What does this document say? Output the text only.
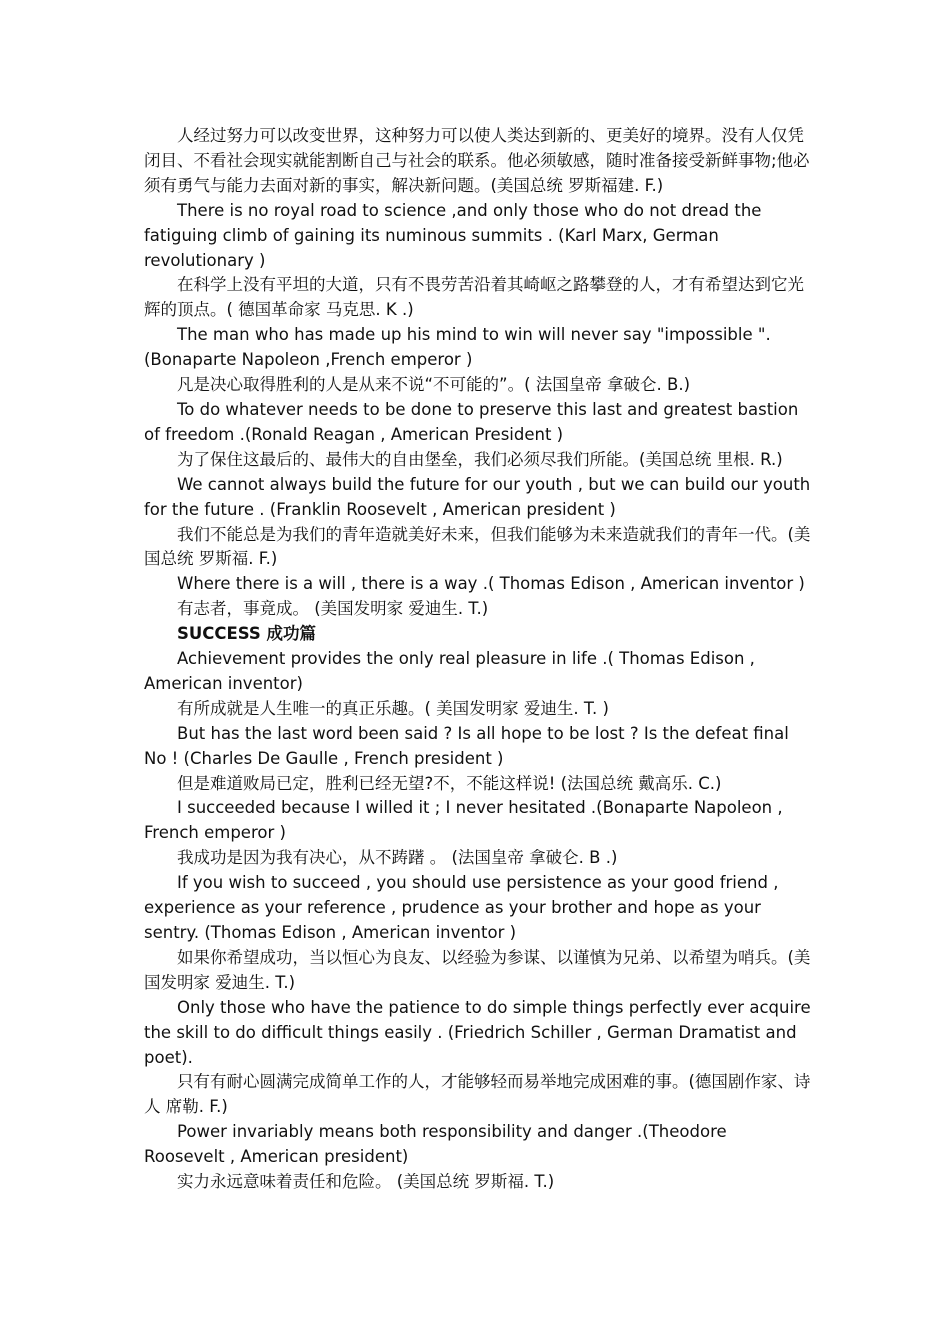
人经过努力可以改变世界，这种努力可以使人类达到新的、更美好的境界。没有人仅凭闭目、不看社会现实就能割断自己与社会的联系。他必须敏感，随时准备接受新鲜事物;他必须有勇气与能力去面对新的事实，解决新问题。(美国总统 罗斯福建. F.)

There is no royal road to science ,and only those who do not dread the fatiguing climb of gaining its numinous summits . (Karl Marx, German revolutionary )

在科学上没有平坦的大道，只有不畏劳苦沿着其崎岖之路攀登的人，才有希望达到它光辉的顶点。( 德国革命家 马克思. K .)

The man who has made up his mind to win will never say "impossible ". (Bonaparte Napoleon ,French emperor )

凡是决心取得胜利的人是从来不说“不可能的”。( 法国皇帝 拿破仑. B.)

To do whatever needs to be done to preserve this last and greatest bastion of freedom .(Ronald Reagan , American President )

为了保住这最后的、最伟大的自由堡垒，我们必须尽我们所能。(美国总统 里根. R.)

We cannot always build the future for our youth , but we can build our youth for the future . (Franklin Roosevelt , American president )

我们不能总是为我们的青年造就美好未来，但我们能够为未来造就我们的青年一代。(美国总统 罗斯福. F.)

Where there is a will , there is a way .( Thomas Edison , American inventor )

有志者，事竟成。 (美国发明家 爱迪生. T.)

SUCCESS 成功篇

Achievement provides the only real pleasure in life .( Thomas Edison , American inventor)

有所成就是人生唯一的真正乐趣。( 美国发明家 爱迪生. T. )

But has the last word been said ? Is all hope to be lost ? Is the defeat final No ! (Charles De Gaulle , French president )

但是难道败局已定，胜利已经无望?不，不能这样说! (法国总统 戴高乐. C.)

I succeeded because I willed it ; I never hesitated .(Bonaparte Napoleon , French emperor )

我成功是因为我有决心，从不踌躇 。 (法国皇帝 拿破仑. B .)

If you wish to succeed , you should use persistence as your good friend , experience as your reference , prudence as your brother and hope as your sentry. (Thomas Edison , American inventor )

如果你希望成功，当以恒心为良友、以经验为参谋、以谨慎为兄弟、以希望为哨兵。(美国发明家 爱迪生. T.)

Only those who have the patience to do simple things perfectly ever acquire the skill to do difficult things easily . (Friedrich Schiller , German Dramatist and poet).

只有有耐心圆满完成简单工作的人，才能够轻而易举地完成困难的事。(德国剧作家、诗人 席勒. F.)

Power invariably means both responsibility and danger .(Theodore Roosevelt , American president)

实力永远意味着责任和危险。 (美国总统 罗斯福. T.)
